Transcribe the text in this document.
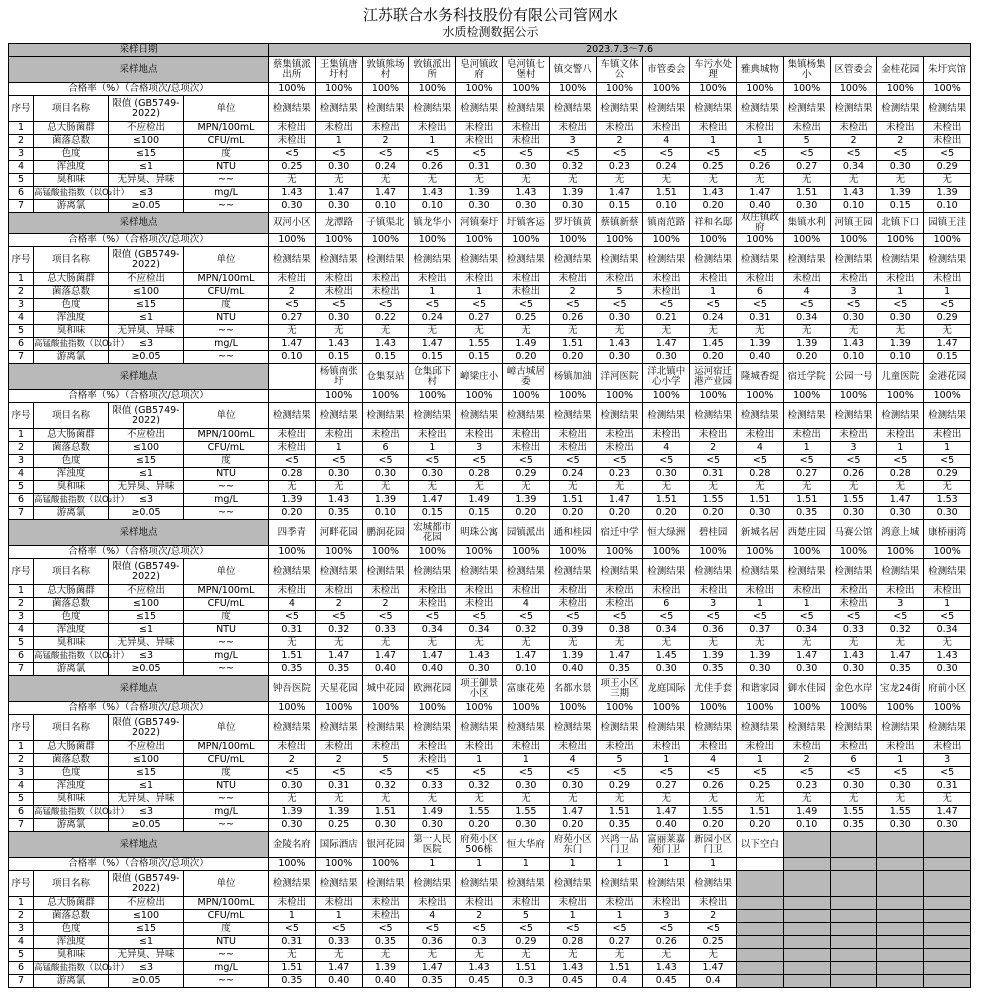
江苏联合水务科技股份有限公司管网水
水质检测数据公示
采样日期				2023.7.3～7.6														
采样地点				蔡集镇派出所	王集镇唐圩村	敦镇熊场村	敦镇派出所	皂河镇政府	皂河镇七堡村	镇交警八	车镇文体公	市管委会	车污水处理	雅典城物	集镇杨集小	区管委会	金桂花园	朱圩宾馆
合格率（%）（合格项次/总项次）				100%	100%	100%	100%	100%	100%	100%	100%	100%	100%	100%	100%	100%	100%	100%
序号	项目名称	限值 (GB5749-2022)	单位	检测结果	检测结果	检测结果	检测结果	检测结果	检测结果	检测结果	检测结果	检测结果	检测结果	检测结果	检测结果	检测结果	检测结果	检测结果
1	总大肠菌群	不应检出	MPN/100mL	未检出	未检出	未检出	未检出	未检出	未检出	未检出	未检出	未检出	未检出	未检出	未检出	未检出	未检出	未检出
2	菌落总数	≤100	CFU/mL	未检出	1	2	1	未检出	未检出	3	2	4	1	1	5	2	2	未检出
3	色度	≤15	度	<5	<5	<5	<5	<5	<5	<5	<5	<5	<5	<5	<5	<5	<5	<5
4	浑浊度	≤1	NTU	0.25	0.30	0.24	0.26	0.31	0.30	0.32	0.23	0.24	0.25	0.26	0.27	0.34	0.30	0.29
5	臭和味	无异臭、异味	~~	无	无	无	无	无	无	无	无	无	无	无	无	无	无	无
6	高锰酸盐指数（以O₂计）	≤3	mg/L	1.43	1.47	1.47	1.43	1.39	1.43	1.39	1.47	1.51	1.43	1.47	1.51	1.43	1.39	1.39
7	游离氯	≥0.05	~~	0.30	0.30	0.10	0.10	0.30	0.30	0.30	0.15	0.10	0.20	0.40	0.30	0.10	0.15	0.10
采样地点				双河小区	龙潭路	子镇渠北	镇龙华小	河镇秦圩	圩镇客运	罗圩镇黄	蔡镇新蔡	镇南范路	祥和名邸	双庄镇政府	集镇水利	河镇王园	北镇下口	园镇王洼
合格率（%）（合格项次/总项次）				100%	100%	100%	100%	100%	100%	100%	100%	100%	100%	100%	100%	100%	100%	100%
序号	项目名称	限值 (GB5749-2022)	单位	检测结果	检测结果	检测结果	检测结果	检测结果	检测结果	检测结果	检测结果	检测结果	检测结果	检测结果	检测结果	检测结果	检测结果	检测结果
1	总大肠菌群	不应检出	MPN/100mL	未检出	未检出	未检出	未检出	未检出	未检出	未检出	未检出	未检出	未检出	未检出	未检出	未检出	未检出	未检出
2	菌落总数	≤100	CFU/mL	2	未检出	未检出	1	1	未检出	2	5	未检出	1	6	4	3	1	1
3	色度	≤15	度	<5	<5	<5	<5	<5	<5	<5	<5	<5	<5	<5	<5	<5	<5	<5
4	浑浊度	≤1	NTU	0.27	0.30	0.22	0.24	0.27	0.25	0.26	0.30	0.21	0.24	0.31	0.34	0.30	0.30	0.29
5	臭和味	无异臭、异味	~~	无	无	无	无	无	无	无	无	无	无	无	无	无	无	无
6	高锰酸盐指数（以O₂计）	≤3	mg/L	1.47	1.43	1.43	1.47	1.55	1.49	1.51	1.43	1.47	1.45	1.39	1.39	1.43	1.39	1.47
7	游离氯	≥0.05	~~	0.10	0.15	0.15	0.15	0.15	0.20	0.20	0.30	0.30	0.20	0.40	0.20	0.10	0.10	0.15
采样地点					杨镇南张圩	仓集泵站	仓集邱下村	嶂梁庄小	嶂古城居委	杨镇加油	洋河医院	洋北镇中心小学	运河宿迁港产业园	隆城香缇	宿迁学院	公园一号	儿童医院	金港花园
合格率（%）（合格项次/总项次）					100%	100%	100%	100%	100%	100%	100%	100%	100%	100%	100%	100%	100%	100%
序号	项目名称	限值 (GB5749-2022)	单位	检测结果	检测结果	检测结果	检测结果	检测结果	检测结果	检测结果	检测结果	检测结果	检测结果	检测结果	检测结果	检测结果	检测结果	检测结果
1	总大肠菌群	不应检出	MPN/100mL	未检出	未检出	未检出	未检出	未检出	未检出	未检出	未检出	未检出	未检出	未检出	未检出	未检出	未检出	未检出
2	菌落总数	≤100	CFU/mL	未检出	1	6	1	3	未检出	未检出	未检出	4	2	4	1	3	1	1
3	色度	≤15	度	<5	<5	<5	<5	<5	<5	<5	<5	<5	<5	<5	<5	<5	<5	<5
4	浑浊度	≤1	NTU	0.28	0.30	0.30	0.30	0.28	0.29	0.24	0.23	0.30	0.31	0.28	0.27	0.26	0.28	0.29
5	臭和味	无异臭、异味	~~	无	无	无	无	无	无	无	无	无	无	无	无	无	无	无
6	高锰酸盐指数（以O₂计）	≤3	mg/L	1.39	1.43	1.39	1.47	1.49	1.39	1.51	1.47	1.51	1.55	1.51	1.51	1.55	1.47	1.53
7	游离氯	≥0.05	~~	0.20	0.35	0.10	0.15	0.15	0.20	0.20	0.20	0.20	0.20	0.30	0.35	0.30	0.30	0.30
采样地点				四季青	河畔花园	鹏润花园	宏城都市花园	明珠公寓	园镇派出	通和桂园	宿迁中学	恒大绿洲	碧桂园	新城名居	西楚庄园	马赛公馆	鸿意上城	康桥丽湾
合格率（%）（合格项次/总项次）				100%	100%	100%	100%	100%	100%	100%	100%	100%	100%	100%	100%	100%	100%	100%
序号	项目名称	限值 (GB5749-2022)	单位	检测结果	检测结果	检测结果	检测结果	检测结果	检测结果	检测结果	检测结果	检测结果	检测结果	检测结果	检测结果	检测结果	检测结果	检测结果
1	总大肠菌群	不应检出	MPN/100mL	未检出	未检出	未检出	未检出	未检出	未检出	未检出	未检出	未检出	未检出	未检出	未检出	未检出	未检出	未检出
2	菌落总数	≤100	CFU/mL	4	2	2	未检出	未检出	4	未检出	未检出	6	3	1	1	未检出	3	1
3	色度	≤15	度	<5	<5	<5	<5	<5	<5	<5	<5	<5	<5	<5	<5	<5	<5	<5
4	浑浊度	≤1	NTU	0.31	0.32	0.33	0.34	0.34	0.32	0.39	0.38	0.34	0.36	0.37	0.34	0.33	0.32	0.34
5	臭和味	无异臭、异味	~~	无	无	无	无	无	无	无	无	无	无	无	无	无	无	无
6	高锰酸盐指数（以O₂计）	≤3	mg/L	1.51	1.47	1.47	1.47	1.43	1.47	1.39	1.47	1.45	1.39	1.39	1.47	1.43	1.47	1.43
7	游离氯	≥0.05	~~	0.35	0.35	0.40	0.40	0.30	0.10	0.40	0.35	0.30	0.35	0.30	0.30	0.30	0.35	0.30
采样地点				钟吾医院	天星花园	城中花园	欧洲花园	项王御景小区	富康花苑	名都水景	项王小区三期	龙庭国际	尤佳手套	和谐家园	御水佳园	金色水岸	宝龙24街	府前小区
合格率（%）（合格项次/总项次）				100%	100%	100%	100%	100%	100%	100%	100%	100%	100%	100%	100%	100%	100%	100%
序号	项目名称	限值 (GB5749-2022)	单位	检测结果	检测结果	检测结果	检测结果	检测结果	检测结果	检测结果	检测结果	检测结果	检测结果	检测结果	检测结果	检测结果	检测结果	检测结果
1	总大肠菌群	不应检出	MPN/100mL	未检出	未检出	未检出	未检出	未检出	未检出	未检出	未检出	未检出	未检出	未检出	未检出	未检出	未检出	未检出
2	菌落总数	≤100	CFU/mL	2	2	5	未检出	1	1	4	5	1	4	1	2	6	1	3
3	色度	≤15	度	<5	<5	<5	<5	<5	<5	<5	<5	<5	<5	<5	<5	<5	<5	<5
4	浑浊度	≤1	NTU	0.30	0.31	0.32	0.33	0.32	0.30	0.30	0.29	0.27	0.26	0.25	0.23	0.30	0.30	0.31
5	臭和味	无异臭、异味	~~	无	无	无	无	无	无	无	无	无	无	无	无	无	无	无
6	高锰酸盐指数（以O₂计）	≤3	mg/L	1.39	1.39	1.51	1.49	1.55	1.55	1.47	1.51	1.47	1.55	1.51	1.49	1.55	1.55	1.47
7	游离氯	≥0.05	~~	0.30	0.25	0.30	0.30	0.20	0.30	0.20	0.35	0.40	0.20	0.20	0.10	0.35	0.30	0.30
采样地点				金陵名府	国际酒店	银河花园	第一人民医院	府苑小区506栋	恒大华府	府苑小区东门	兴鸿一品门卫	富丽莱嘉苑门卫	新园小区门卫	以下空白				
合格率（%）（合格项次/总项次）				100%	100%	100%	1	1	1	1	1	1	1					
序号	项目名称	限值 (GB5749-2022)	单位	检测结果	检测结果	检测结果	检测结果	检测结果	检测结果	检测结果	检测结果	检测结果	检测结果					
1	总大肠菌群	不应检出	MPN/100mL	未检出	未检出	未检出	未检出	未检出	未检出	未检出	未检出	未检出	未检出					
2	菌落总数	≤100	CFU/mL	1	1	未检出	4	2	5	1	1	3	2					
3	色度	≤15	度	<5	<5	<5	<5	<5	<5	<5	<5	<5	<5					
4	浑浊度	≤1	NTU	0.31	0.33	0.35	0.36	0.3	0.29	0.28	0.27	0.26	0.25					
5	臭和味	无异臭、异味	~~	无	无	无	无	无	无	无	无	无	无					
6	高锰酸盐指数（以O₂计）	≤3	mg/L	1.51	1.47	1.39	1.47	1.43	1.51	1.43	1.51	1.43	1.47					
7	游离氯	≥0.05	~~	0.35	0.40	0.40	0.35	0.45	0.3	0.45	0.4	0.45	0.4					
